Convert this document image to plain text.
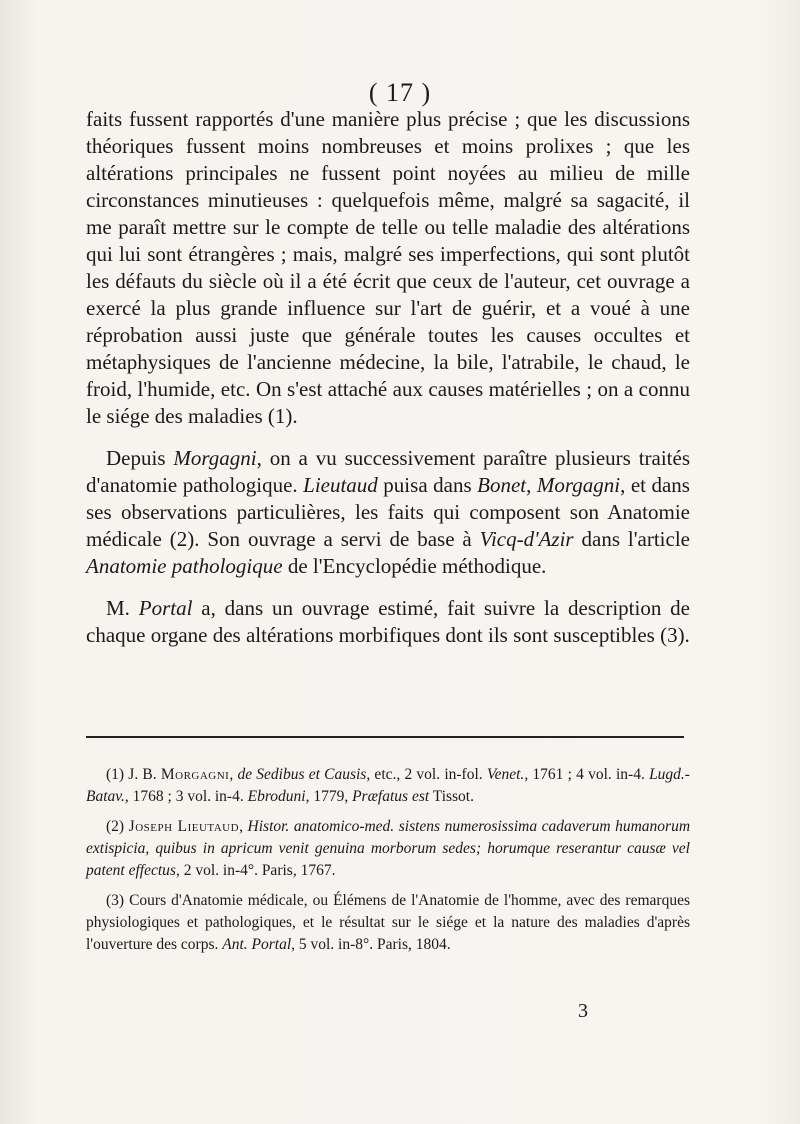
( 17 )

faits fussent rapportés d'une manière plus précise ; que les discussions théoriques fussent moins nombreuses et moins prolixes ; que les altérations principales ne fussent point noyées au milieu de mille circonstances minutieuses : quelquefois même, malgré sa sagacité, il me paraît mettre sur le compte de telle ou telle maladie des altérations qui lui sont étrangères ; mais, malgré ses imperfections, qui sont plutôt les défauts du siècle où il a été écrit que ceux de l'auteur, cet ouvrage a exercé la plus grande influence sur l'art de guérir, et a voué à une réprobation aussi juste que générale toutes les causes occultes et métaphysiques de l'ancienne médecine, la bile, l'atrabile, le chaud, le froid, l'humide, etc. On s'est attaché aux causes matérielles ; on a connu le siége des maladies (1).

Depuis Morgagni, on a vu successivement paraître plusieurs traités d'anatomie pathologique. Lieutaud puisa dans Bonet, Morgagni, et dans ses observations particulières, les faits qui composent son Anatomie médicale (2). Son ouvrage a servi de base à Vicq-d'Azir dans l'article Anatomie pathologique de l'Encyclopédie méthodique.

M. Portal a, dans un ouvrage estimé, fait suivre la description de chaque organe des altérations morbifiques dont ils sont susceptibles (3).

(1) J. B. Morgagni, de Sedibus et Causis, etc., 2 vol. in-fol. Venet., 1761 ; 4 vol. in-4. Lugd.-Batav., 1768 ; 3 vol. in-4. Ebroduni, 1779, Præfatus est Tissot.

(2) Joseph Lieutaud, Histor. anatomico-med. sistens numerosissima cadaverum humanorum extispicia, quibus in apricum venit genuina morborum sedes; horumque reserantur causæ vel patent effectus, 2 vol. in-4°. Paris, 1767.

(3) Cours d'Anatomie médicale, ou Élémens de l'Anatomie de l'homme, avec des remarques physiologiques et pathologiques, et le résultat sur le siége et la nature des maladies d'après l'ouverture des corps. Ant. Portal, 5 vol. in-8°. Paris, 1804.

3
